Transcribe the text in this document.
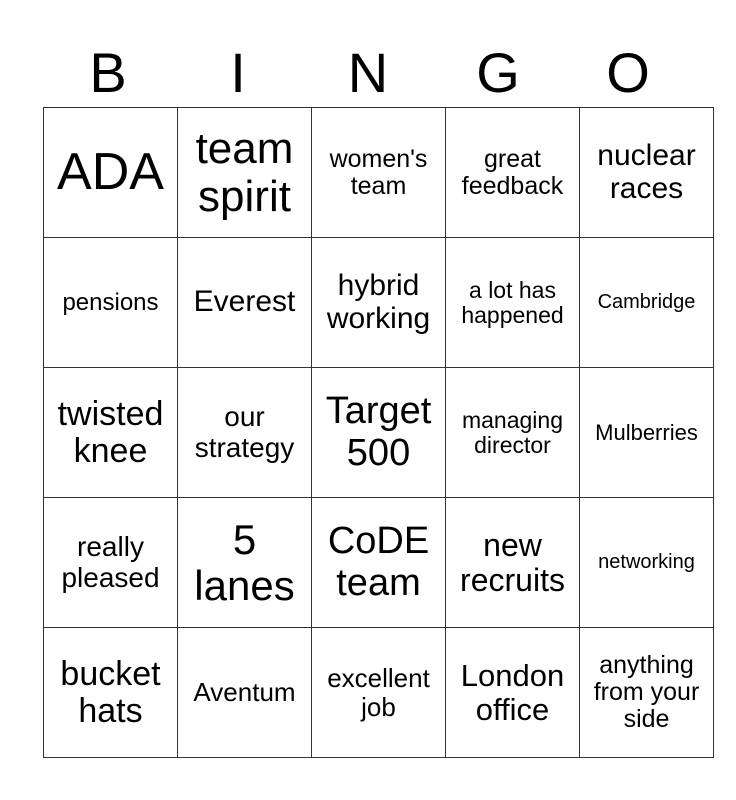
B	I	N	G	O
ADA	team spirit	women's team	great feedback	nuclear races
pensions	Everest	hybrid working	a lot has happened	Cambridge
twisted knee	our strategy	Target 500	managing director	Mulberries
really pleased	5 lanes	CoDE team	new recruits	networking
bucket hats	Aventum	excellent job	London office	anything from your side
